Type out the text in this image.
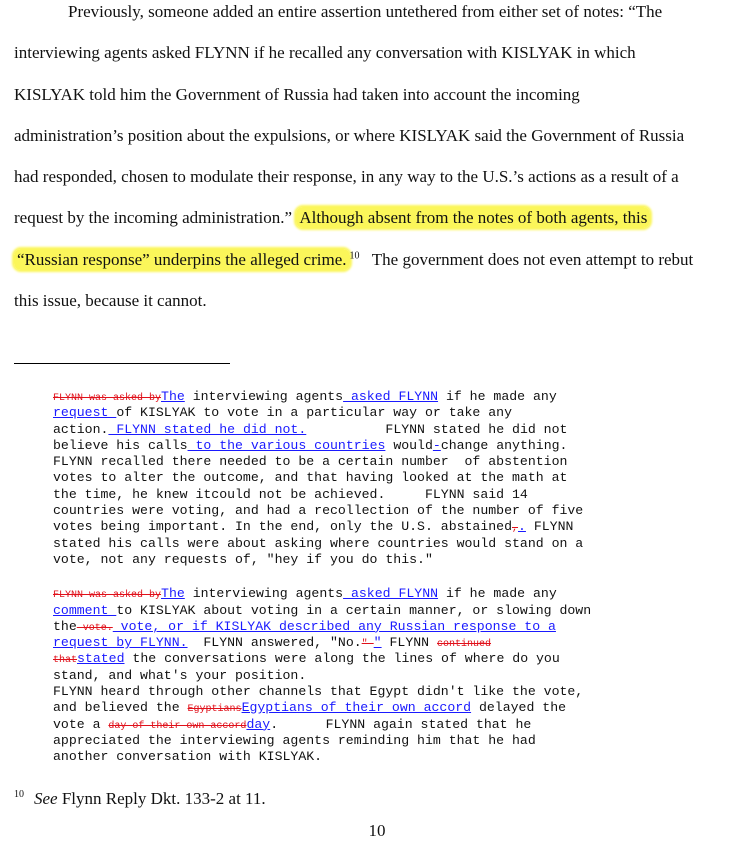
Previously, someone added an entire assertion untethered from either set of notes: “The
interviewing agents asked FLYNN if he recalled any conversation with KISLYAK in which
KISLYAK told him the Government of Russia had taken into account the incoming
administration’s position about the expulsions, or where KISLYAK said the Government of Russia
had responded, chosen to modulate their response, in any way to the U.S.’s actions as a result of a
request by the incoming administration.” Although absent from the notes of both agents, this
“Russian response” underpins the alleged crime. $^{10}$ The government does not even attempt to rebut
this issue, because it cannot.
FLYNN was asked byThe interviewing agents asked FLYNN if he made any
request of KISLYAK to vote in a particular way or take any
action. FLYNN stated he did not.          FLYNN stated he did not
believe his calls to the various countries would-change anything.
FLYNN recalled there needed to be a certain number  of abstention
votes to alter the outcome, and that having looked at the math at
the time, he knew itcould not be achieved.     FLYNN said 14
countries were voting, and had a recollection of the number of five
votes being important. In the end, only the U.S. abstained,. FLYNN
stated his calls were about asking where countries would stand on a
vote, not any requests of, "hey if you do this."
FLYNN was asked byThe interviewing agents asked FLYNN if he made any
comment to KISLYAK about voting in a certain manner, or slowing down
the vote. vote, or if KISLYAK described any Russian response to a
request by FLYNN.  FLYNN answered, "No." " FLYNN continued
thatstated the conversations were along the lines of where do you
stand, and what's your position.
FLYNN heard through other channels that Egypt didn't like the vote,
and believed the EgyptiansEgyptians of their own accord delayed the
vote a day of their own accordday.      FLYNN again stated that he
appreciated the interviewing agents reminding him that he had
another conversation with KISLYAK.
$^{10}$ See Flynn Reply Dkt. 133-2 at 11.
10
